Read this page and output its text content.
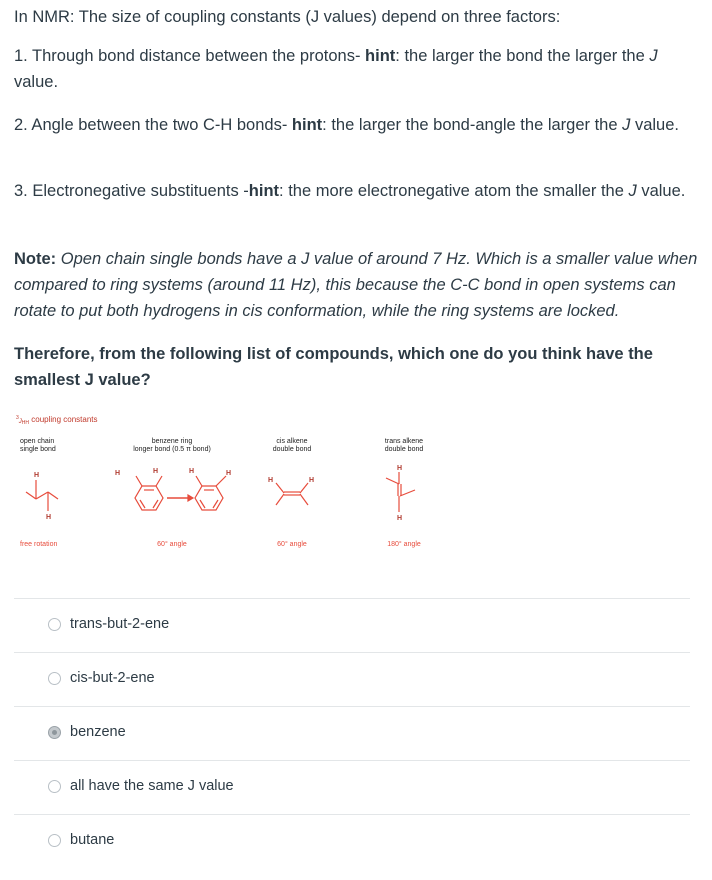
In NMR: The size of coupling constants (J values) depend on three factors:

1. Through bond distance between the protons- hint: the larger the bond the larger the J value.

2. Angle between the two C-H bonds- hint: the larger the bond-angle the larger the J value.

3. Electronegative substituents -hint: the more electronegative atom the smaller the J value.

Note: Open chain single bonds have a J value of around 7 Hz. Which is a smaller value when compared to ring systems (around 11 Hz), this because the C-C bond in open systems can rotate to put both hydrogens in cis conformation, while the ring systems are locked.

Therefore, from the following list of compounds, which one do you think have the smallest J value?

$^3_J$HH coupling constants
open chain
single bond
benzene ring
longer bond (0.5 π bond)
cis alkene
double bond
trans alkene
double bond
H
H
H	H	H	H
H	H
H
H
free rotation	60° angle	60° angle	180° angle
trans-but-2-ene
cis-but-2-ene
benzene
all have the same J value
butane
